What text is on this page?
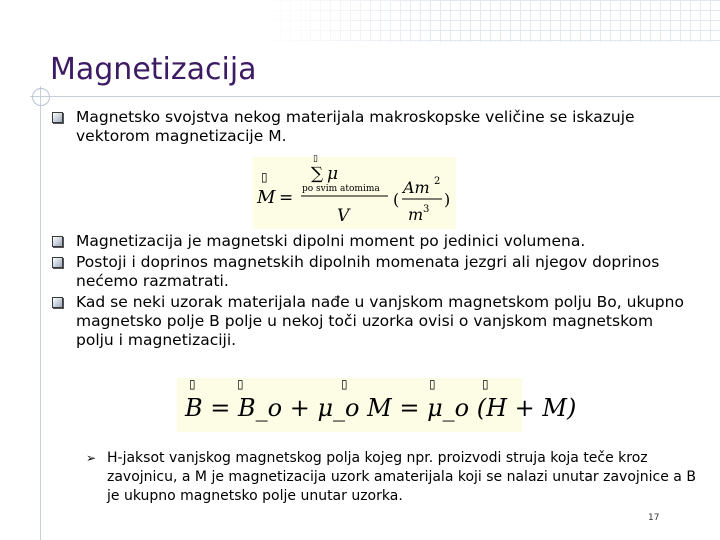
Magnetizacija
Magnetsko svojstva nekog materijala makroskopske veličine se iskazuje vektorom magnetizacije M.
Magnetizacija je magnetski dipolni moment po jedinici volumena.
Postoji i doprinos magnetskih dipolnih momenata jezgri ali njegov doprinos nećemo razmatrati.
Kad se neki uzorak materijala nađe u vanjskom magnetskom polju Bo, ukupno magnetsko polje B polje u nekoj toči uzorka ovisi o vanjskom magnetskom polju i magnetizaciji.
▯
M =
▯
∑ μ
po svim atomima
V
(
Am 2
m 3
)
▯	▯	▯	▯	▯
B = B_o + μ_o M = μ_o (H + M)
➢ H-jaksot vanjskog magnetskog polja kojeg npr. proizvodi struja koja teče kroz zavojnicu, a M je magnetizacija uzork amaterijala koji se nalazi unutar zavojnice a B je ukupno magnetsko polje unutar uzorka.
17
